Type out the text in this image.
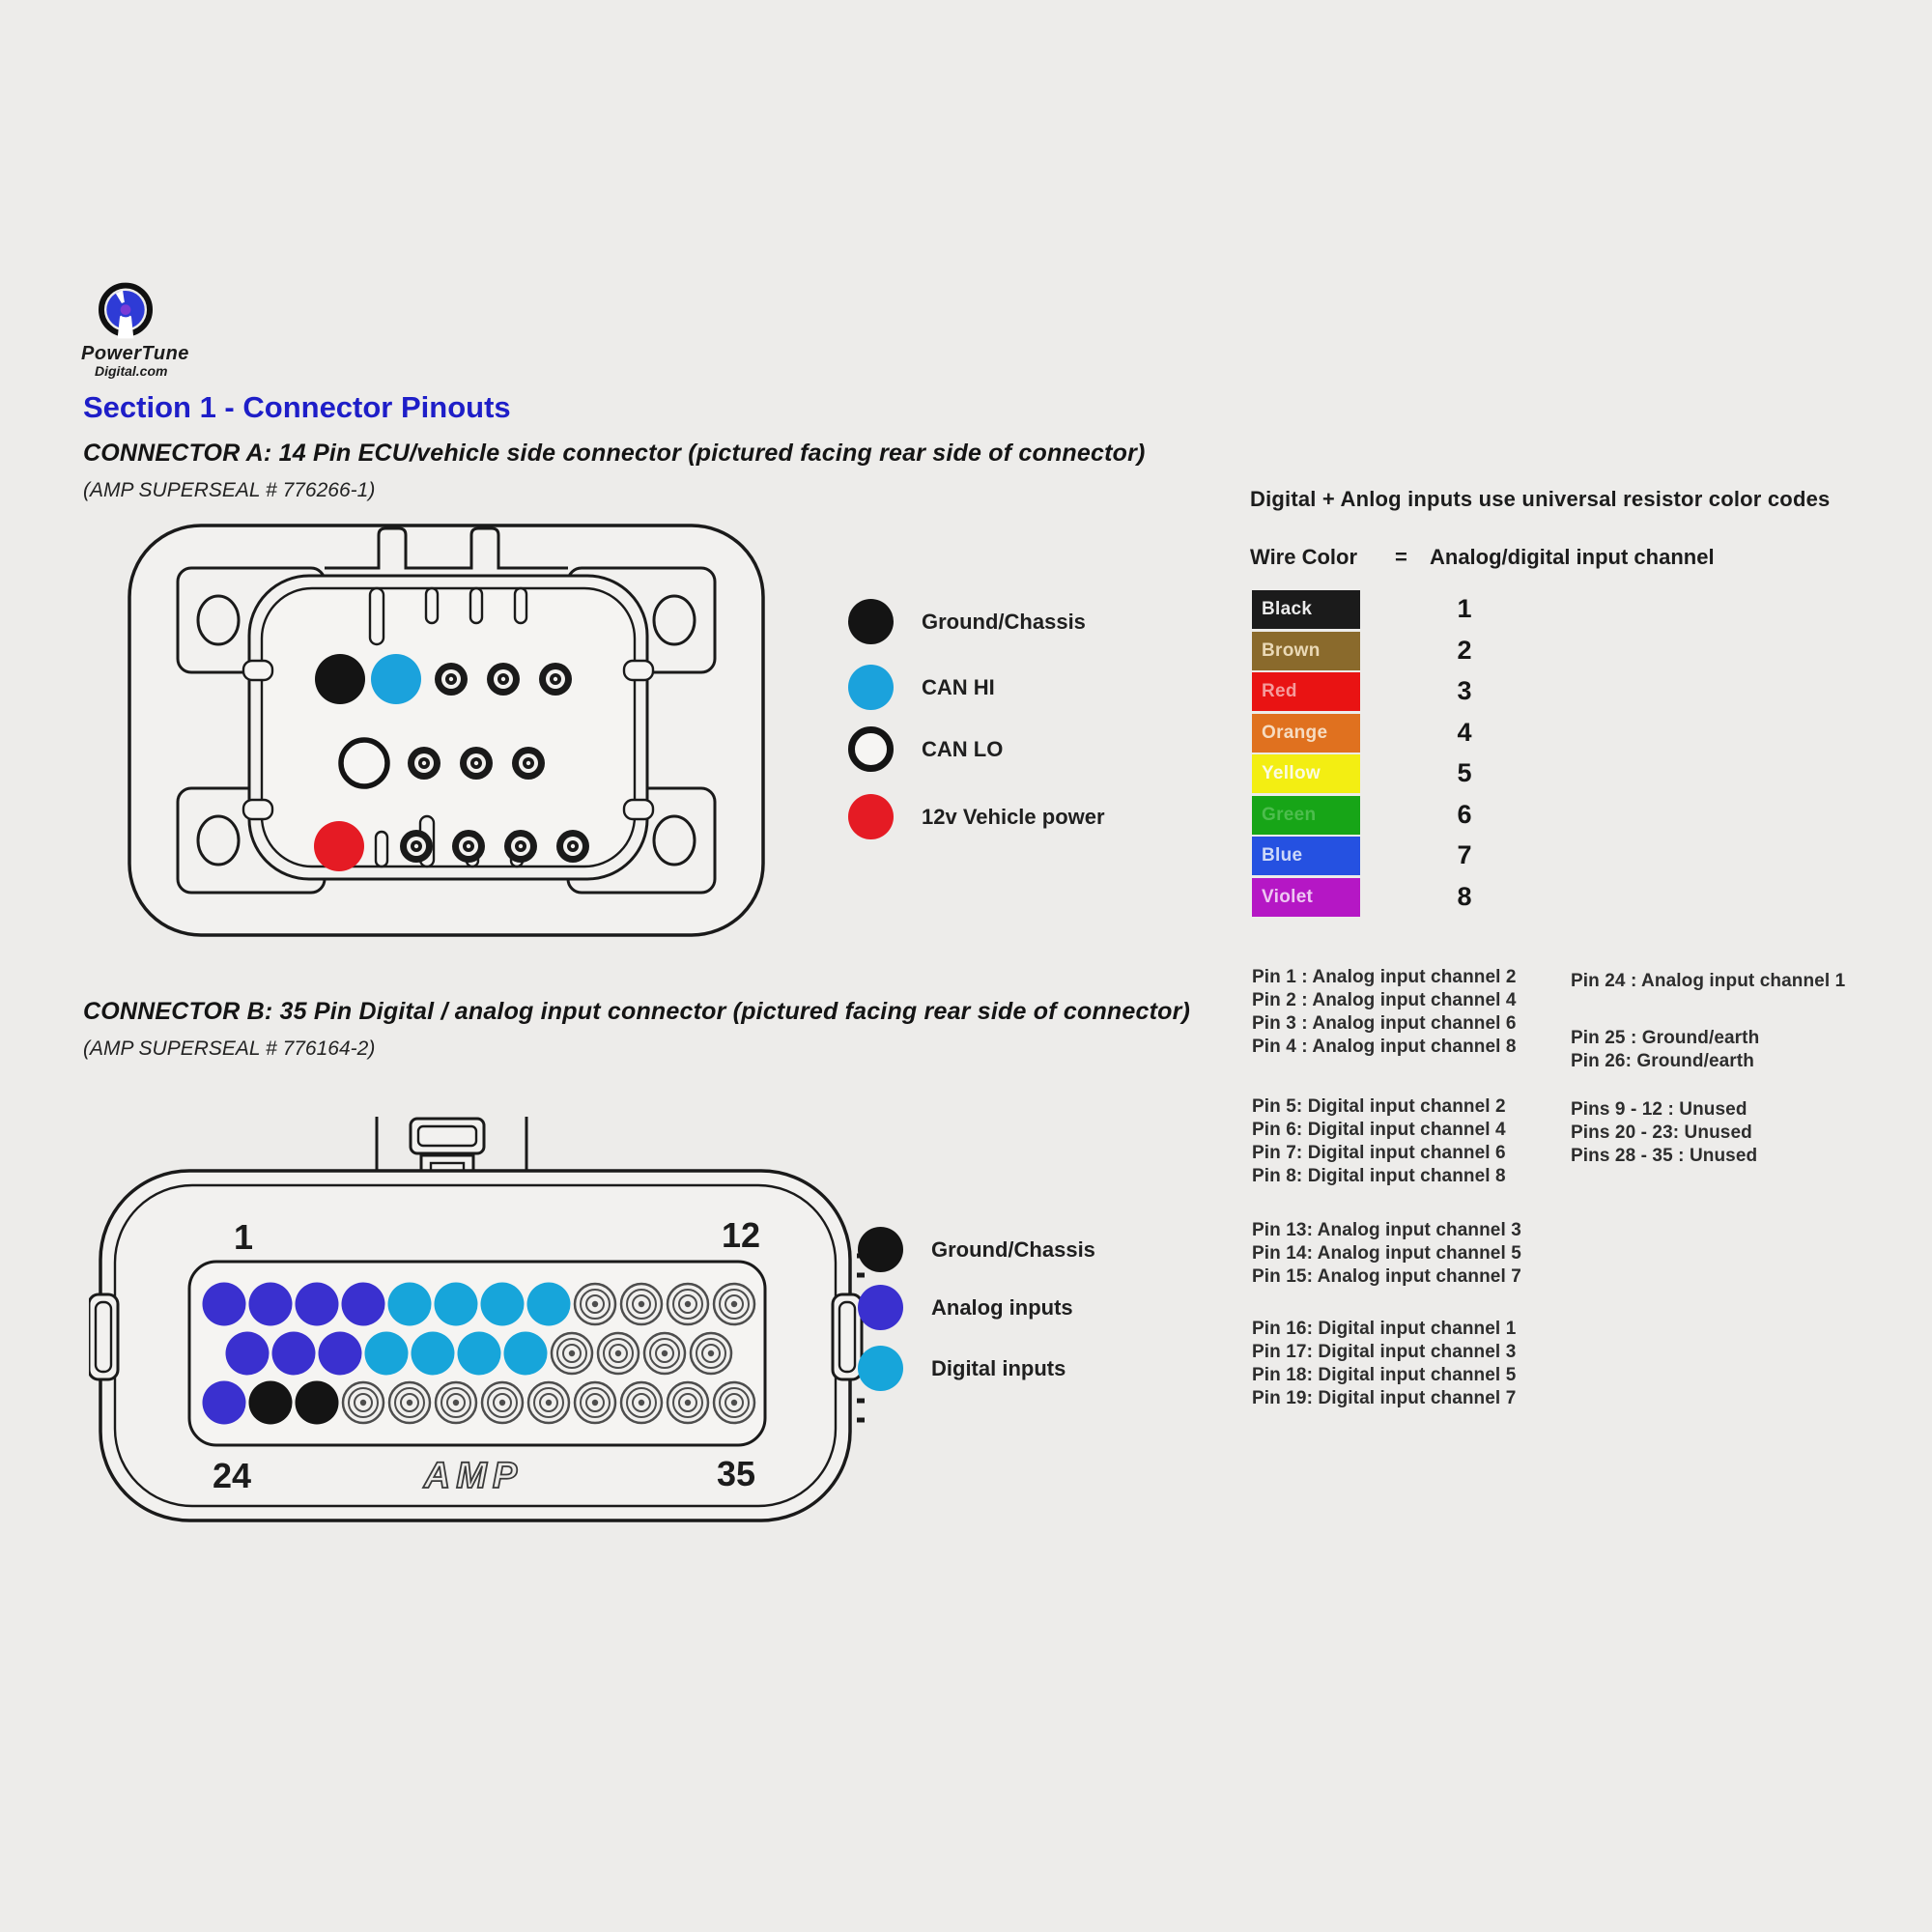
PowerTune
Digital.com
Section 1 - Connector Pinouts
CONNECTOR A: 14 Pin ECU/vehicle side connector (pictured facing rear side of connector)
(AMP SUPERSEAL # 776266-1)
Ground/Chassis
CAN HI
CAN LO
12v Vehicle power
Digital + Anlog inputs use universal resistor color codes
Wire Color = Analog/digital input channel
Black	1
Brown	2
Red	3
Orange	4
Yellow	5
Green	6
Blue	7
Violet	8
Pin 1 : Analog input channel 2
Pin 2 : Analog input channel 4
Pin 3 : Analog input channel 6
Pin 4 : Analog input channel 8
Pin 5: Digital input channel 2
Pin 6: Digital input channel 4
Pin 7: Digital input channel 6
Pin 8: Digital input channel 8
Pin 13: Analog input channel 3
Pin 14: Analog input channel 5
Pin 15: Analog input channel 7
Pin 16: Digital input channel 1
Pin 17: Digital input channel 3
Pin 18: Digital input channel 5
Pin 19: Digital input channel 7
Pin 24 : Analog input channel 1
Pin 25 : Ground/earth
Pin 26: Ground/earth
Pins 9 - 12 : Unused
Pins 20 - 23: Unused
Pins 28 - 35 : Unused
CONNECTOR B: 35 Pin Digital / analog input connector (pictured facing rear side of connector)
(AMP SUPERSEAL # 776164-2)
1	12
24	35
AMP
Ground/Chassis
Analog inputs
Digital inputs
